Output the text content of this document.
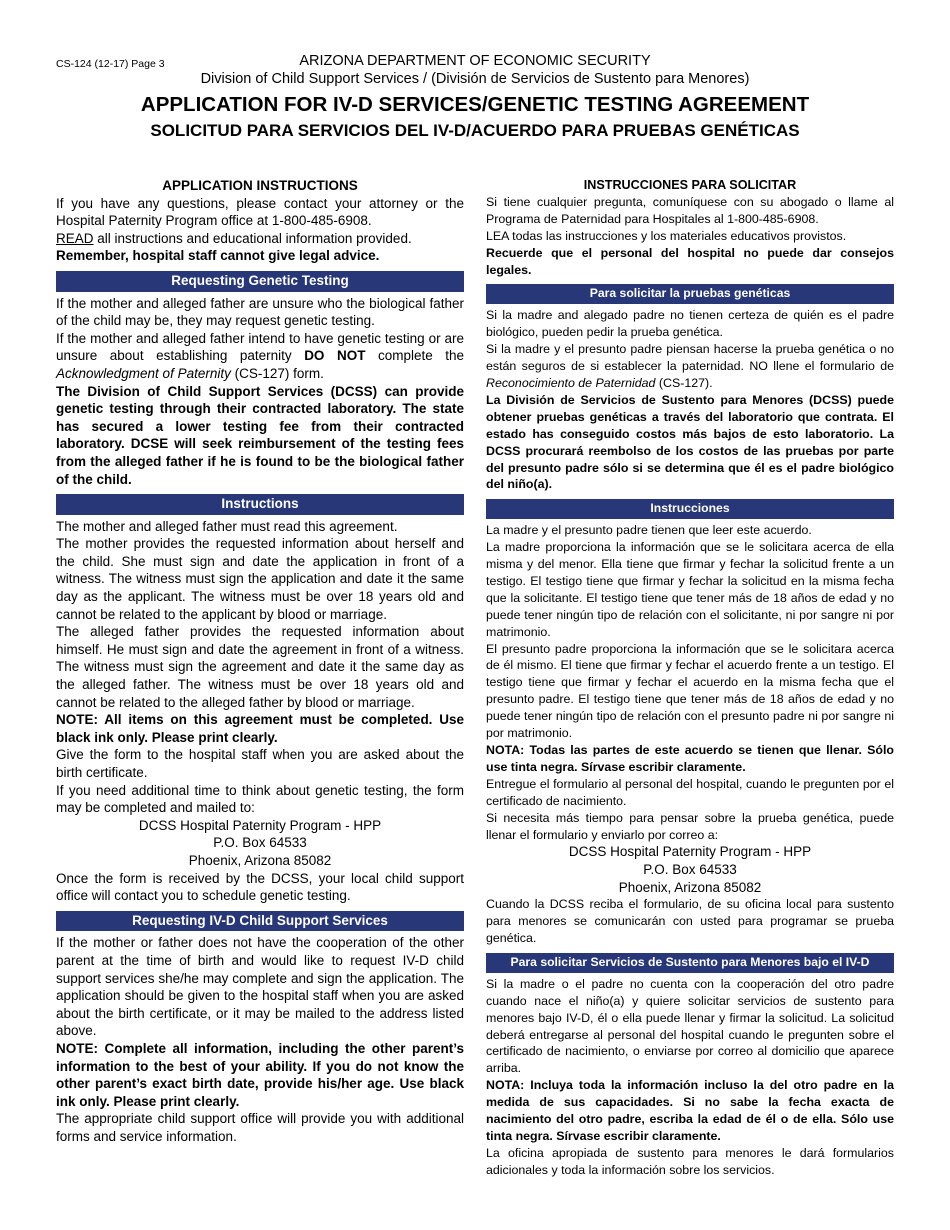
CS-124 (12-17) Page 3	ARIZONA DEPARTMENT OF ECONOMIC SECURITY
Division of Child Support Services / (División de Servicios de Sustento para Menores)
APPLICATION FOR IV-D SERVICES/GENETIC TESTING AGREEMENT
SOLICITUD PARA SERVICIOS DEL IV-D/ACUERDO PARA PRUEBAS GENÉTICAS
APPLICATION INSTRUCTIONS

If you have any questions, please contact your attorney or the Hospital Paternity Program office at 1-800-485-6908.

READ all instructions and educational information provided.

Remember, hospital staff cannot give legal advice.

Requesting Genetic Testing

If the mother and alleged father are unsure who the biological father of the child may be, they may request genetic testing.

If the mother and alleged father intend to have genetic testing or are unsure about establishing paternity DO NOT complete the Acknowledgment of Paternity (CS-127) form.

The Division of Child Support Services (DCSS) can provide genetic testing through their contracted laboratory. The state has secured a lower testing fee from their contracted laboratory. DCSE will seek reimbursement of the testing fees from the alleged father if he is found to be the biological father of the child.

Instructions

The mother and alleged father must read this agreement.

The mother provides the requested information about herself and the child. She must sign and date the application in front of a witness. The witness must sign the application and date it the same day as the applicant. The witness must be over 18 years old and cannot be related to the applicant by blood or marriage.

The alleged father provides the requested information about himself. He must sign and date the agreement in front of a witness. The witness must sign the agreement and date it the same day as the alleged father. The witness must be over 18 years old and cannot be related to the alleged father by blood or marriage.

NOTE: All items on this agreement must be completed. Use black ink only. Please print clearly.

Give the form to the hospital staff when you are asked about the birth certificate.

If you need additional time to think about genetic testing, the form may be completed and mailed to:

DCSS Hospital Paternity Program - HPP
P.O. Box 64533
Phoenix, Arizona 85082

Once the form is received by the DCSS, your local child support office will contact you to schedule genetic testing.

Requesting IV-D Child Support Services

If the mother or father does not have the cooperation of the other parent at the time of birth and would like to request IV-D child support services she/he may complete and sign the application. The application should be given to the hospital staff when you are asked about the birth certificate, or it may be mailed to the address listed above.

NOTE: Complete all information, including the other parent’s information to the best of your ability. If you do not know the other parent’s exact birth date, provide his/her age. Use black ink only. Please print clearly.

The appropriate child support office will provide you with additional forms and service information.

INSTRUCCIONES PARA SOLICITAR

Si tiene cualquier pregunta, comuníquese con su abogado o llame al Programa de Paternidad para Hospitales al 1-800-485-6908.

LEA todas las instrucciones y los materiales educativos provistos.

Recuerde que el personal del hospital no puede dar consejos legales.

Para solicitar la pruebas genéticas

Si la madre and alegado padre no tienen certeza de quién es el padre biológico, pueden pedir la prueba genética.

Si la madre y el presunto padre piensan hacerse la prueba genética o no están seguros de si establecer la paternidad. NO llene el formulario de Reconocimiento de Paternidad (CS-127).

La División de Servicios de Sustento para Menores (DCSS) puede obtener pruebas genéticas a través del laboratorio que contrata. El estado has conseguido costos más bajos de esto laboratorio. La DCSS procurará reembolso de los costos de las pruebas por parte del presunto padre sólo si se determina que él es el padre biológico del niño(a).

Instrucciones

La madre y el presunto padre tienen que leer este acuerdo.

La madre proporciona la información que se le solicitara acerca de ella misma y del menor. Ella tiene que firmar y fechar la solicitud frente a un testigo. El testigo tiene que firmar y fechar la solicitud en la misma fecha que la solicitante. El testigo tiene que tener más de 18 años de edad y no puede tener ningún tipo de relación con el solicitante, ni por sangre ni por matrimonio.

El presunto padre proporciona la información que se le solicitara acerca de él mismo. El tiene que firmar y fechar el acuerdo frente a un testigo. El testigo tiene que firmar y fechar el acuerdo en la misma fecha que el presunto padre. El testigo tiene que tener más de 18 años de edad y no puede tener ningún tipo de relación con el presunto padre ni por sangre ni por matrimonio.

NOTA: Todas las partes de este acuerdo se tienen que llenar. Sólo use tinta negra. Sírvase escribir claramente.

Entregue el formulario al personal del hospital, cuando le pregunten por el certificado de nacimiento.

Si necesita más tiempo para pensar sobre la prueba genética, puede llenar el formulario y enviarlo por correo a:

DCSS Hospital Paternity Program - HPP
P.O. Box 64533
Phoenix, Arizona 85082

Cuando la DCSS reciba el formulario, de su oficina local para sustento para menores se comunicarán con usted para programar se prueba genética.

Para solicitar Servicios de Sustento para Menores bajo el IV-D

Si la madre o el padre no cuenta con la cooperación del otro padre cuando nace el niño(a) y quiere solicitar servicios de sustento para menores bajo IV-D, él o ella puede llenar y firmar la solicitud. La solicitud deberá entregarse al personal del hospital cuando le pregunten sobre el certificado de nacimiento, o enviarse por correo al domicilio que aparece arriba.

NOTA: Incluya toda la información incluso la del otro padre en la medida de sus capacidades. Si no sabe la fecha exacta de nacimiento del otro padre, escriba la edad de él o de ella. Sólo use tinta negra. Sírvase escribir claramente.

La oficina apropiada de sustento para menores le dará formularios adicionales y toda la información sobre los servicios.
